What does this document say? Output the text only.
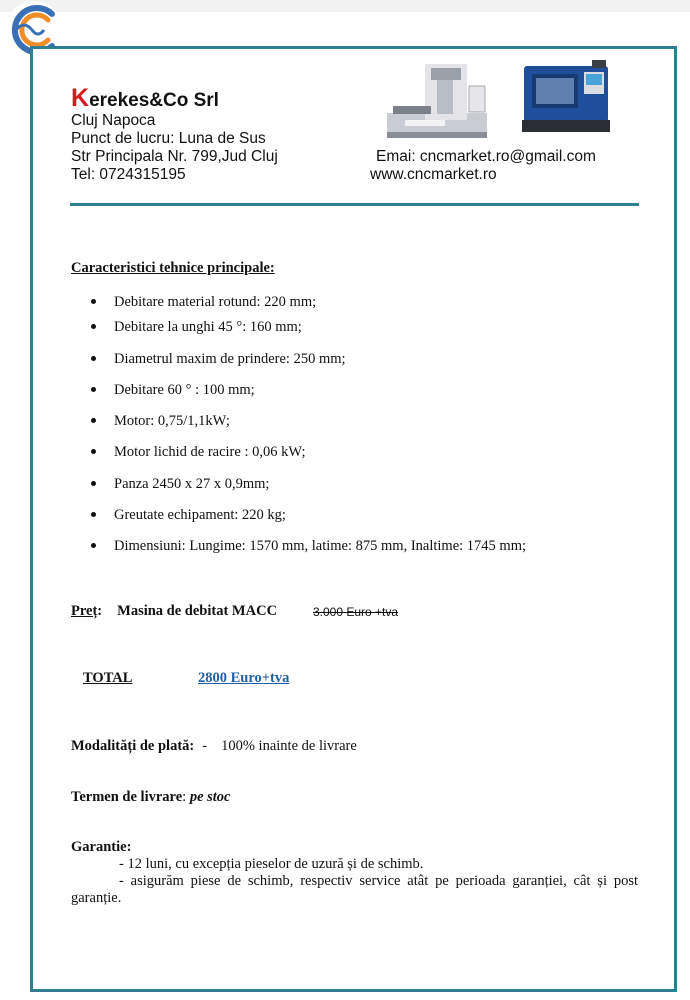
Kerekes&Co Srl
Cluj Napoca
Punct de lucru: Luna de Sus
Str Principala Nr. 799,Jud Cluj
Tel: 0724315195
Emai: cncmarket.ro@gmail.com
www.cncmarket.ro
Caracteristici tehnice principale:
Debitare material rotund: 220 mm;
Debitare la unghi 45 °: 160 mm;
Diametrul maxim de prindere: 250 mm;
Debitare 60 ° : 100 mm;
Motor: 0,75/1,1kW;
Motor lichid de racire : 0,06 kW;
Panza 2450 x 27 x 0,9mm;
Greutate echipament: 220 kg;
Dimensiuni: Lungime: 1570 mm, latime: 875 mm, Inaltime: 1745 mm;
Preț: Masina de debitat MACC	3.000 Euro +tva
TOTAL	2800 Euro+tva
Modalități de plată: - 100% inainte de livrare
Termen de livrare: pe stoc
Garantie:
- 12 luni, cu excepția pieselor de uzură și de schimb.
- asigurăm piese de schimb, respectiv service atât pe perioada garanției, cât și post garanție.
